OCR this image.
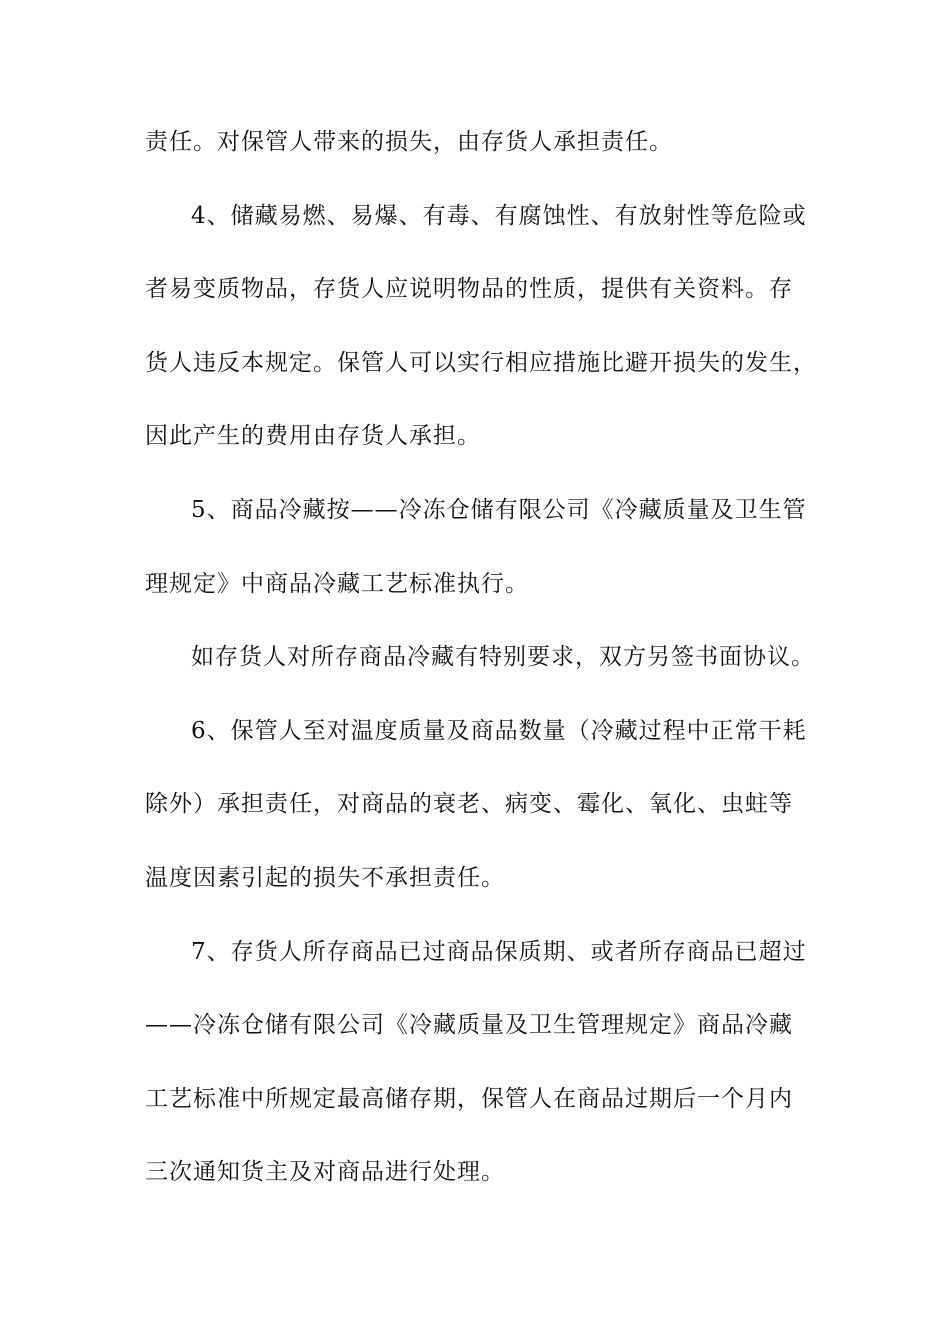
责任。对保管人带来的损失，由存货人承担责任。
4、储藏易燃、易爆、有毒、有腐蚀性、有放射性等危险或
者易变质物品，存货人应说明物品的性质，提供有关资料。存
货人违反本规定。保管人可以实行相应措施比避开损失的发生，
因此产生的费用由存货人承担。
5、商品冷藏按——冷冻仓储有限公司《冷藏质量及卫生管
理规定》中商品冷藏工艺标准执行。
如存货人对所存商品冷藏有特别要求，双方另签书面协议。
6、保管人至对温度质量及商品数量（冷藏过程中正常干耗
除外）承担责任，对商品的衰老、病变、霉化、氧化、虫蛀等
温度因素引起的损失不承担责任。
7、存货人所存商品已过商品保质期、或者所存商品已超过
——冷冻仓储有限公司《冷藏质量及卫生管理规定》商品冷藏
工艺标准中所规定最高储存期，保管人在商品过期后一个月内
三次通知货主及对商品进行处理。
